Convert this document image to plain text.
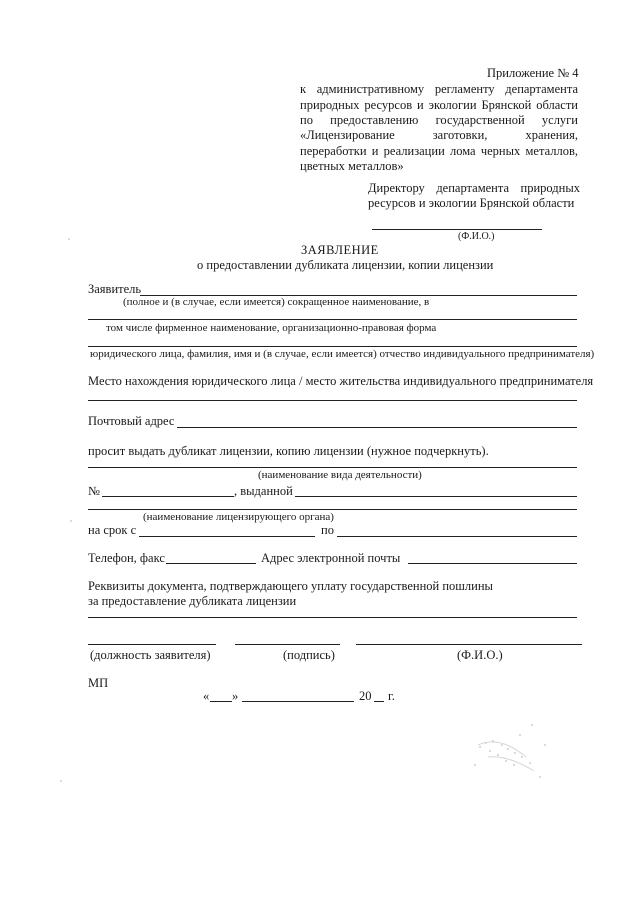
Приложение № 4
к административному регламенту департамента
природных ресурсов и экологии Брянской области
по предоставлению государственной услуги
«Лицензирование заготовки, хранения,
переработки и реализации лома черных металлов,
цветных металлов»
Директору департамента природных
ресурсов и экологии Брянской области
(Ф.И.О.)
ЗАЯВЛЕНИЕ
о предоставлении дубликата лицензии, копии лицензии
Заявитель
(полное и (в случае, если имеется) сокращенное наименование, в
том числе фирменное наименование, организационно-правовая форма
юридического лица, фамилия, имя и (в случае, если имеется) отчество индивидуального предпринимателя)
Место нахождения юридического лица / место жительства индивидуального предпринимателя
Почтовый адрес
просит выдать дубликат лицензии, копию лицензии (нужное подчеркнуть).
(наименование вида деятельности)
№	, выданной
(наименование лицензирующего органа)
на срок с	по
Телефон, факс	Адрес электронной почты
Реквизиты документа, подтверждающего уплату государственной пошлины
за предоставление дубликата лицензии
(должность заявителя)	(подпись)	(Ф.И.О.)
МП
« »	20 г.
